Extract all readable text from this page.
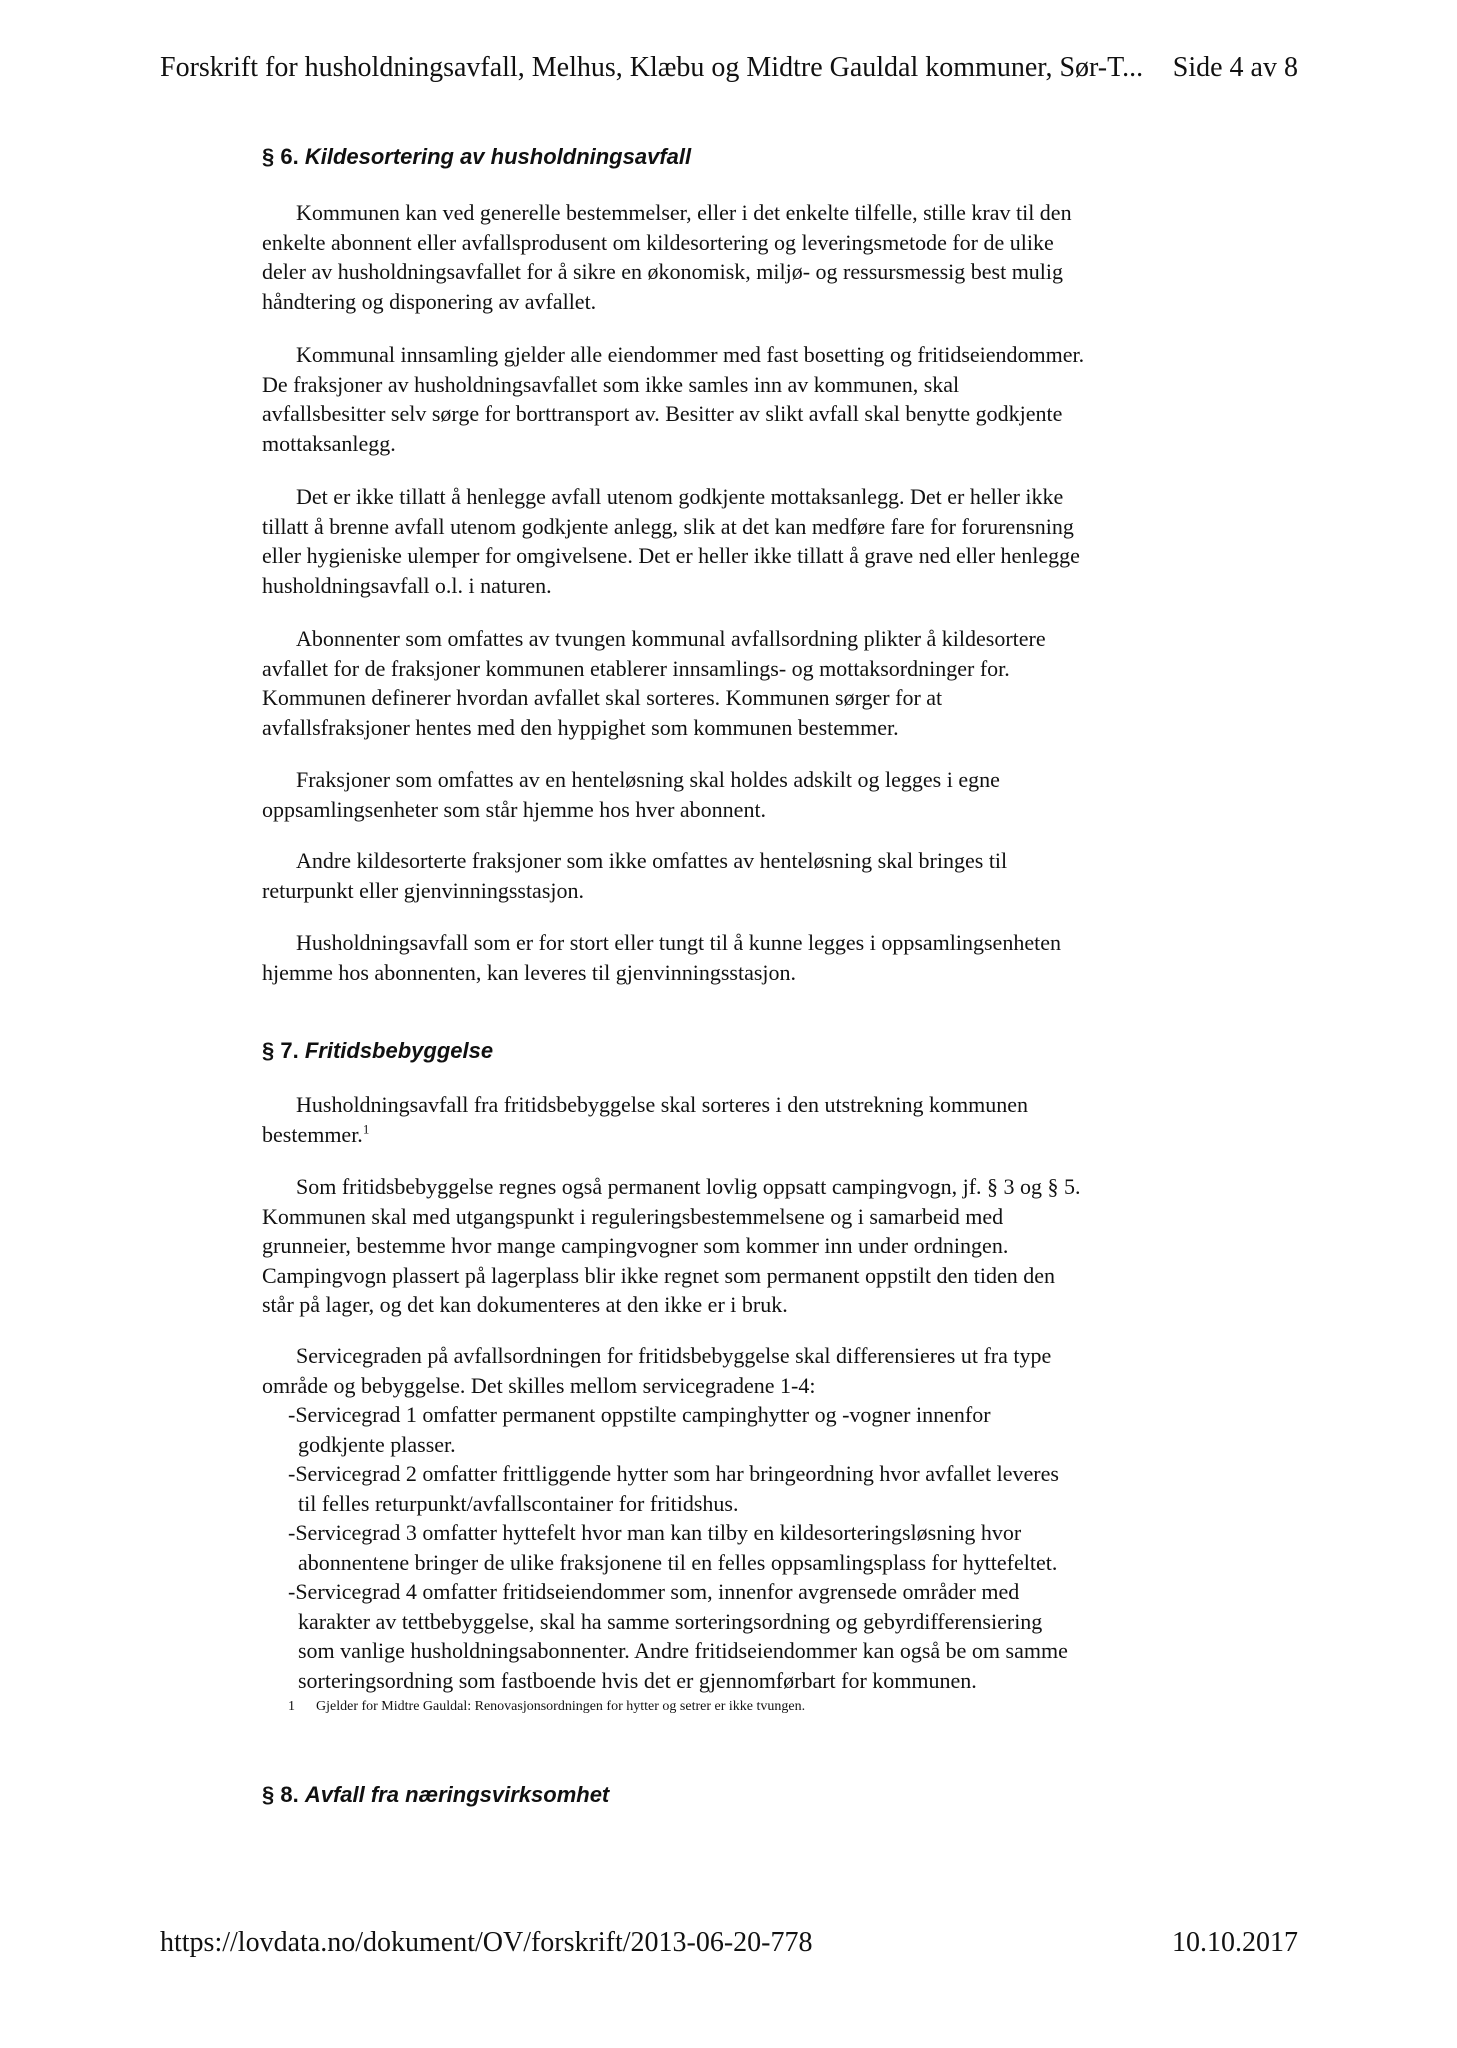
Forskrift for husholdningsavfall, Melhus, Klæbu og Midtre Gauldal kommuner, Sør-T... Side 4 av 8
§ 6. Kildesortering av husholdningsavfall
Kommunen kan ved generelle bestemmelser, eller i det enkelte tilfelle, stille krav til den
enkelte abonnent eller avfallsprodusent om kildesortering og leveringsmetode for de ulike
deler av husholdningsavfallet for å sikre en økonomisk, miljø- og ressursmessig best mulig
håndtering og disponering av avfallet.
Kommunal innsamling gjelder alle eiendommer med fast bosetting og fritidseiendommer.
De fraksjoner av husholdningsavfallet som ikke samles inn av kommunen, skal
avfallsbesitter selv sørge for borttransport av. Besitter av slikt avfall skal benytte godkjente
mottaksanlegg.
Det er ikke tillatt å henlegge avfall utenom godkjente mottaksanlegg. Det er heller ikke
tillatt å brenne avfall utenom godkjente anlegg, slik at det kan medføre fare for forurensning
eller hygieniske ulemper for omgivelsene. Det er heller ikke tillatt å grave ned eller henlegge
husholdningsavfall o.l. i naturen.
Abonnenter som omfattes av tvungen kommunal avfallsordning plikter å kildesortere
avfallet for de fraksjoner kommunen etablerer innsamlings- og mottaksordninger for.
Kommunen definerer hvordan avfallet skal sorteres. Kommunen sørger for at
avfallsfraksjoner hentes med den hyppighet som kommunen bestemmer.
Fraksjoner som omfattes av en henteløsning skal holdes adskilt og legges i egne
oppsamlingsenheter som står hjemme hos hver abonnent.
Andre kildesorterte fraksjoner som ikke omfattes av henteløsning skal bringes til
returpunkt eller gjenvinningsstasjon.
Husholdningsavfall som er for stort eller tungt til å kunne legges i oppsamlingsenheten
hjemme hos abonnenten, kan leveres til gjenvinningsstasjon.
§ 7. Fritidsbebyggelse
Husholdningsavfall fra fritidsbebyggelse skal sorteres i den utstrekning kommunen
bestemmer.$^1$
Som fritidsbebyggelse regnes også permanent lovlig oppsatt campingvogn, jf. § 3 og § 5.
Kommunen skal med utgangspunkt i reguleringsbestemmelsene og i samarbeid med
grunneier, bestemme hvor mange campingvogner som kommer inn under ordningen.
Campingvogn plassert på lagerplass blir ikke regnet som permanent oppstilt den tiden den
står på lager, og det kan dokumenteres at den ikke er i bruk.
Servicegraden på avfallsordningen for fritidsbebyggelse skal differensieres ut fra type
område og bebyggelse. Det skilles mellom servicegradene 1-4:
-Servicegrad 1 omfatter permanent oppstilte campinghytter og -vogner innenfor
godkjente plasser.
-Servicegrad 2 omfatter frittliggende hytter som har bringeordning hvor avfallet leveres
til felles returpunkt/avfallscontainer for fritidshus.
-Servicegrad 3 omfatter hyttefelt hvor man kan tilby en kildesorteringsløsning hvor
abonnentene bringer de ulike fraksjonene til en felles oppsamlingsplass for hyttefeltet.
-Servicegrad 4 omfatter fritidseiendommer som, innenfor avgrensede områder med
karakter av tettbebyggelse, skal ha samme sorteringsordning og gebyrdifferensiering
som vanlige husholdningsabonnenter. Andre fritidseiendommer kan også be om samme
sorteringsordning som fastboende hvis det er gjennomførbart for kommunen.
1 Gjelder for Midtre Gauldal: Renovasjonsordningen for hytter og setrer er ikke tvungen.
§ 8. Avfall fra næringsvirksomhet
https://lovdata.no/dokument/OV/forskrift/2013-06-20-778	10.10.2017
